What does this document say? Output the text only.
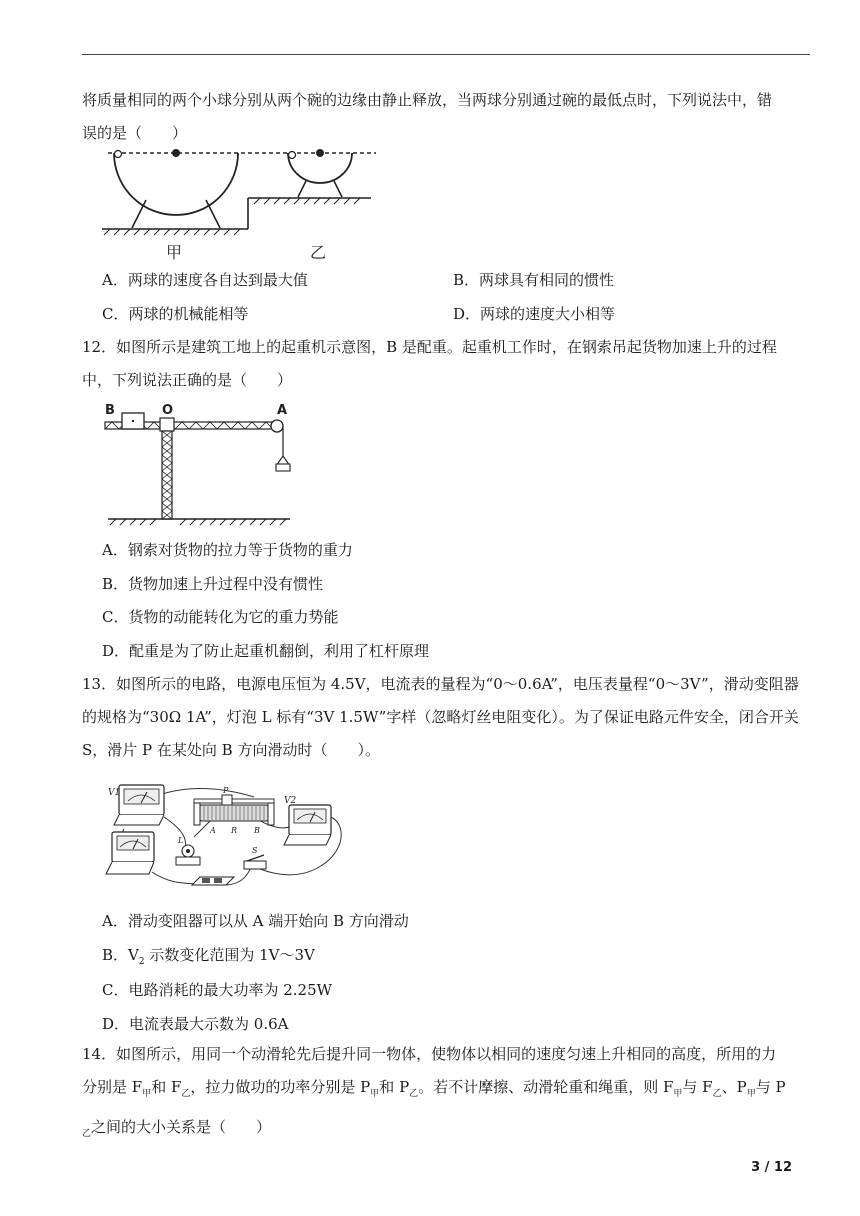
将质量相同的两个小球分别从两个碗的边缘由静止释放，当两球分别通过碗的最低点时，下列说法中，错
误的是（　　）

甲	乙
A．两球的速度各自达到最大值	B．两球具有相同的惯性
C．两球的机械能相等	D．两球的速度大小相等

12．如图所示是建筑工地上的起重机示意图，B 是配重。起重机工作时，在钢索吊起货物加速上升的过程
中，下列说法正确的是（　　）

B	O	A
A．钢索对货物的拉力等于货物的重力
B．货物加速上升过程中没有惯性
C．货物的动能转化为它的重力势能
D．配重是为了防止起重机翻倒，利用了杠杆原理

13．如图所示的电路，电源电压恒为 4.5V，电流表的量程为“0～0.6A”，电压表量程“0～3V”，滑动变阻器
的规格为“30Ω 1A”，灯泡 L 标有“3V 1.5W”字样（忽略灯丝电阻变化）。为了保证电路元件安全，闭合开关
S，滑片 P 在某处向 B 方向滑动时（　　）。

V1	P
A R B
V2
L
S
A．滑动变阻器可以从 A 端开始向 B 方向滑动
B．$V_2$ 示数变化范围为 1V～3V
C．电路消耗的最大功率为 2.25W
D．电流表最大示数为 0.6A

14．如图所示，用同一个动滑轮先后提升同一物体，使物体以相同的速度匀速上升相同的高度，所用的力
分别是 $F_甲$和 $F_乙$，拉力做功的功率分别是 $P_甲$和 $P_乙$。若不计摩擦、动滑轮重和绳重，则 $F_甲$与 $F_乙$、$P_甲$与 P
$_乙$之间的大小关系是（　　）

3 / 12
